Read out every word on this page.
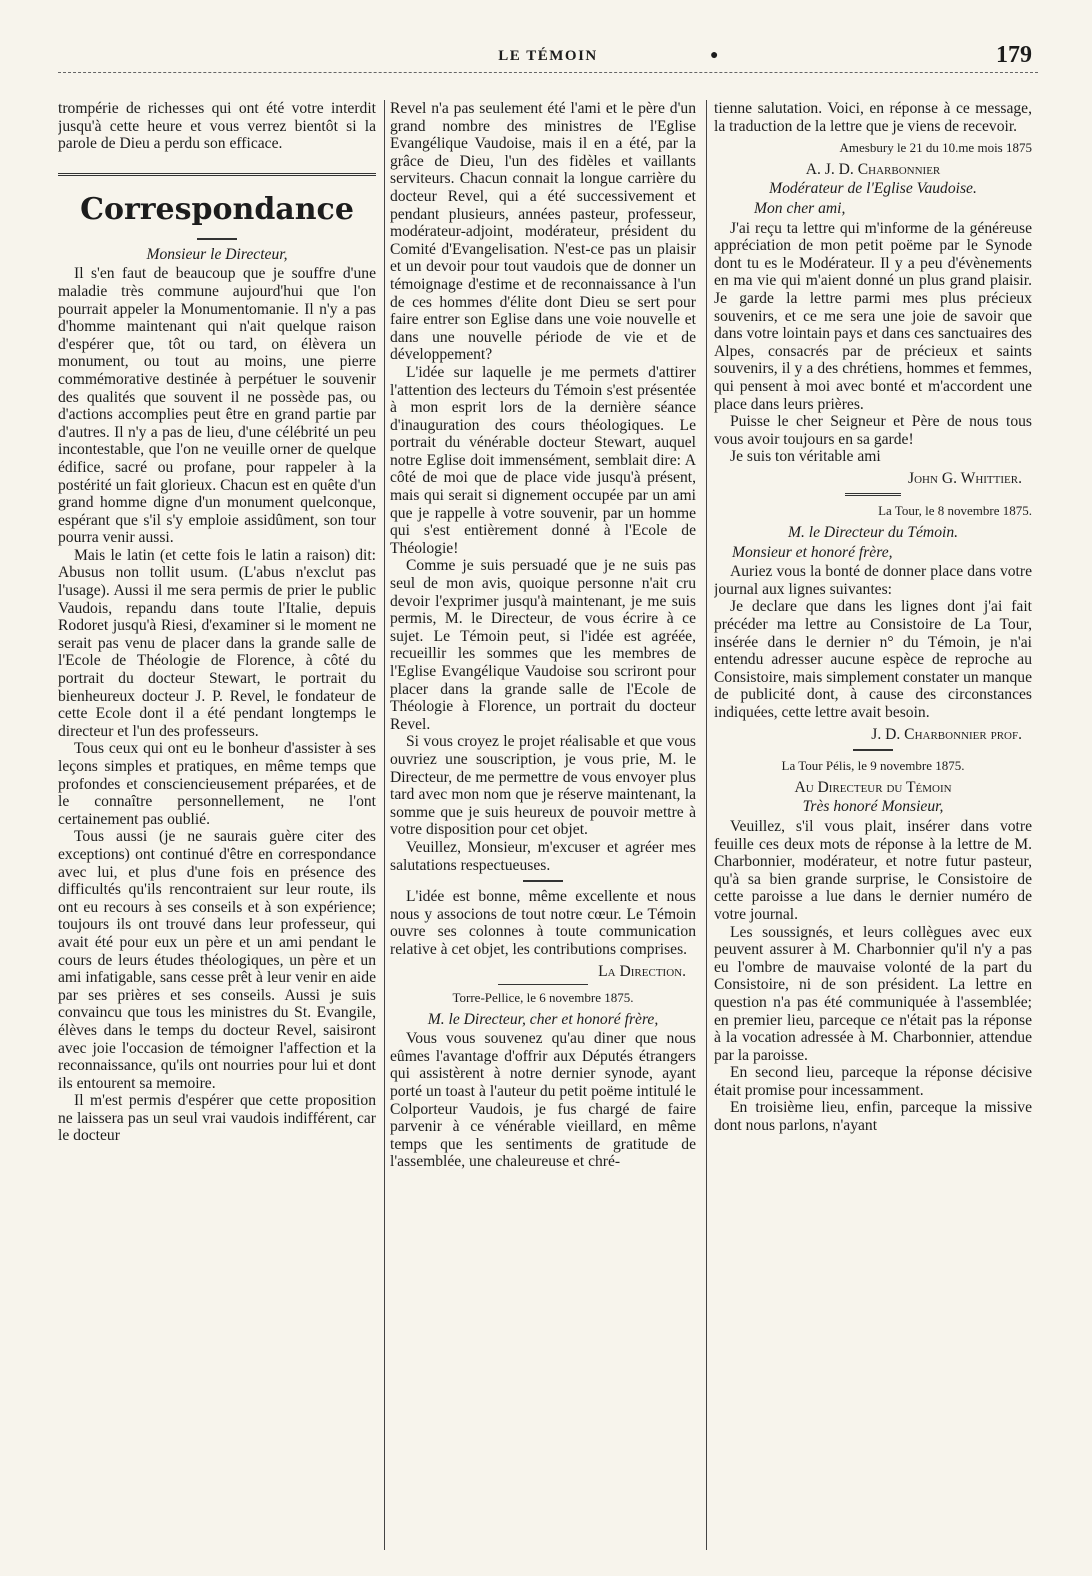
LE TÉMOIN	●	179

trompérie de richesses qui ont été votre interdit jusqu'à cette heure et vous verrez bientôt si la parole de Dieu a perdu son efficace.

Correspondance
Monsieur le Directeur,

Il s'en faut de beaucoup que je souffre d'une maladie très commune aujourd'hui que l'on pourrait appeler la Monumentomanie. Il n'y a pas d'homme maintenant qui n'ait quelque raison d'espérer que, tôt ou tard, on élèvera un monument, ou tout au moins, une pierre commémorative destinée à perpétuer le souvenir des qualités que souvent il ne possède pas, ou d'actions accomplies peut être en grand partie par d'autres. Il n'y a pas de lieu, d'une célébrité un peu incontestable, que l'on ne veuille orner de quelque édifice, sacré ou profane, pour rappeler à la postérité un fait glorieux. Chacun est en quête d'un grand homme digne d'un monument quelconque, espérant que s'il s'y emploie assidûment, son tour pourra venir aussi.

Mais le latin (et cette fois le latin a raison) dit: Abusus non tollit usum. (L'abus n'exclut pas l'usage). Aussi il me sera permis de prier le public Vaudois, repandu dans toute l'Italie, depuis Rodoret jusqu'à Riesi, d'examiner si le moment ne serait pas venu de placer dans la grande salle de l'Ecole de Théologie de Florence, à côté du portrait du docteur Stewart, le portrait du bienheureux docteur J. P. Revel, le fondateur de cette Ecole dont il a été pendant longtemps le directeur et l'un des professeurs.

Tous ceux qui ont eu le bonheur d'assister à ses leçons simples et pratiques, en même temps que profondes et consciencieusement préparées, et de le connaître personnellement, ne l'ont certainement pas oublié.

Tous aussi (je ne saurais guère citer des exceptions) ont continué d'être en correspondance avec lui, et plus d'une fois en présence des difficultés qu'ils rencontraient sur leur route, ils ont eu recours à ses conseils et à son expérience; toujours ils ont trouvé dans leur professeur, qui avait été pour eux un père et un ami pendant le cours de leurs études théologiques, un père et un ami infatigable, sans cesse prêt à leur venir en aide par ses prières et ses conseils. Aussi je suis convaincu que tous les ministres du St. Evangile, élèves dans le temps du docteur Revel, saisiront avec joie l'occasion de témoigner l'affection et la reconnaissance, qu'ils ont nourries pour lui et dont ils entourent sa memoire.

Il m'est permis d'espérer que cette proposition ne laissera pas un seul vrai vaudois indifférent, car le docteur

Revel n'a pas seulement été l'ami et le père d'un grand nombre des ministres de l'Eglise Evangélique Vaudoise, mais il en a été, par la grâce de Dieu, l'un des fidèles et vaillants serviteurs. Chacun connait la longue carrière du docteur Revel, qui a été successivement et pendant plusieurs, années pasteur, professeur, modérateur-adjoint, modérateur, président du Comité d'Evangelisation. N'est-ce pas un plaisir et un devoir pour tout vaudois que de donner un témoignage d'estime et de reconnaissance à l'un de ces hommes d'élite dont Dieu se sert pour faire entrer son Eglise dans une voie nouvelle et dans une nouvelle période de vie et de développement?

L'idée sur laquelle je me permets d'attirer l'attention des lecteurs du Témoin s'est présentée à mon esprit lors de la dernière séance d'inauguration des cours théologiques. Le portrait du vénérable docteur Stewart, auquel notre Eglise doit immensément, semblait dire: A côté de moi que de place vide jusqu'à présent, mais qui serait si dignement occupée par un ami que je rappelle à votre souvenir, par un homme qui s'est entièrement donné à l'Ecole de Théologie!

Comme je suis persuadé que je ne suis pas seul de mon avis, quoique personne n'ait cru devoir l'exprimer jusqu'à maintenant, je me suis permis, M. le Directeur, de vous écrire à ce sujet. Le Témoin peut, si l'idée est agréée, recueillir les sommes que les membres de l'Eglise Evangélique Vaudoise sou scriront pour placer dans la grande salle de l'Ecole de Théologie à Florence, un portrait du docteur Revel.

Si vous croyez le projet réalisable et que vous ouvriez une souscription, je vous prie, M. le Directeur, de me permettre de vous envoyer plus tard avec mon nom que je réserve maintenant, la somme que je suis heureux de pouvoir mettre à votre disposition pour cet objet.

Veuillez, Monsieur, m'excuser et agréer mes salutations respectueuses.

L'idée est bonne, même excellente et nous nous y associons de tout notre cœur. Le Témoin ouvre ses colonnes à toute communication relative à cet objet, les contributions comprises.

La Direction.
Torre-Pellice, le 6 novembre 1875.
M. le Directeur, cher et honoré frère,

Vous vous souvenez qu'au diner que nous eûmes l'avantage d'offrir aux Députés étrangers qui assistèrent à notre dernier synode, ayant porté un toast à l'auteur du petit poëme intitulé le Colporteur Vaudois, je fus chargé de faire parvenir à ce vénérable vieillard, en même temps que les sentiments de gratitude de l'assemblée, une chaleureuse et chré-

tienne salutation. Voici, en réponse à ce message, la traduction de la lettre que je viens de recevoir.

Amesbury le 21 du 10.me mois 1875
A. J. D. Charbonnier
Modérateur de l'Eglise Vaudoise.
Mon cher ami,

J'ai reçu ta lettre qui m'informe de la généreuse appréciation de mon petit poëme par le Synode dont tu es le Modérateur. Il y a peu d'évènements en ma vie qui m'aient donné un plus grand plaisir. Je garde la lettre parmi mes plus précieux souvenirs, et ce me sera une joie de savoir que dans votre lointain pays et dans ces sanctuaires des Alpes, consacrés par de précieux et saints souvenirs, il y a des chrétiens, hommes et femmes, qui pensent à moi avec bonté et m'accordent une place dans leurs prières.

Puisse le cher Seigneur et Père de nous tous vous avoir toujours en sa garde!

Je suis ton véritable ami

John G. Whittier.
La Tour, le 8 novembre 1875.
M. le Directeur du Témoin.
Monsieur et honoré frère,

Auriez vous la bonté de donner place dans votre journal aux lignes suivantes:

Je declare que dans les lignes dont j'ai fait précéder ma lettre au Consistoire de La Tour, insérée dans le dernier n° du Témoin, je n'ai entendu adresser aucune espèce de reproche au Consistoire, mais simplement constater un manque de publicité dont, à cause des circonstances indiquées, cette lettre avait besoin.

J. D. Charbonnier prof.
La Tour Pélis, le 9 novembre 1875.
Au Directeur du Témoin
Très honoré Monsieur,

Veuillez, s'il vous plait, insérer dans votre feuille ces deux mots de réponse à la lettre de M. Charbonnier, modérateur, et notre futur pasteur, qu'à sa bien grande surprise, le Consistoire de cette paroisse a lue dans le dernier numéro de votre journal.

Les soussignés, et leurs collègues avec eux peuvent assurer à M. Charbonnier qu'il n'y a pas eu l'ombre de mauvaise volonté de la part du Consistoire, ni de son président. La lettre en question n'a pas été communiquée à l'assemblée; en premier lieu, parceque ce n'était pas la réponse à la vocation adressée à M. Charbonnier, attendue par la paroisse.

En second lieu, parceque la réponse décisive était promise pour incessamment.

En troisième lieu, enfin, parceque la missive dont nous parlons, n'ayant
